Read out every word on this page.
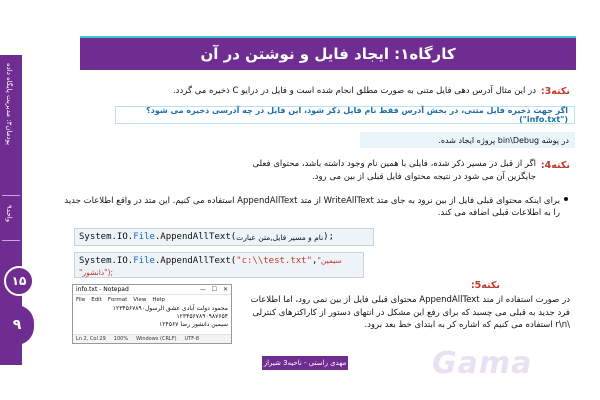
پودمان۳: مدیریت پایگاه داده
واحد۹
۱۵
۹
کارگاه۱: ایجاد فایل و نوشتن در آن
نکته3:
در این مثال آدرس دهی فایل متنی به صورت مطلق انجام شده است و فایل در درایو C ذخیره می گردد.
اگر جهت ذخیره فایل متنی، در بخش آدرس فقط نام فایل ذکر شود، این فایل در چه آدرسی ذخیره می شود؟ ("info.txt")
در پوشه bin\Debug پروژه ایجاد شده.
نکته4:
اگر از قبل در مسیر ذکر شده، فایلی با همین نام وجود داشته باشد، محتوای فعلی جایگزین آن می شود در نتیجه محتوای فایل قبلی از بین می رود.
برای اینکه محتوای قبلی فایل از بین نرود به جای متد WriteAllText از متد AppendAllText استفاده می کنیم. این متد در واقع اطلاعات جدید را به اطلاعات قبلی اضافه می کند.
System.IO. File .AppendAllText( نام و مسیر فایل,متن عبارت );
System.IO.File.AppendAllText("c:\\test.txt","سیمین
"دانشور");
info.txt - Notepad	— ☐ ✕
File Edit Format View Help
محمود دولت آبادی عشق الرسول۱۲۳۴۵۶۷۸۹۰
۱۲۳۴۵۶۷۸۹۰۹۸۷۶۵۴
سیمین دانشور رضا ۱۲۴۵۶۷
Ln 2, Col 29 100% Windows (CRLF) UTF-8
نکته5:
در صورت استفاده از متد AppendAllText محتوای قبلی فایل از بین نمی رود، اما اطلاعات فرد جدید به قبلی می چسبد که برای رفع این مشکل در انتهای دستور از کاراکترهای کنترلی \r\n استفاده می کنیم که اشاره کر به ابتدای خط بعد برود.
مهدی راستی - ناحیه3 شیراز	Gama
